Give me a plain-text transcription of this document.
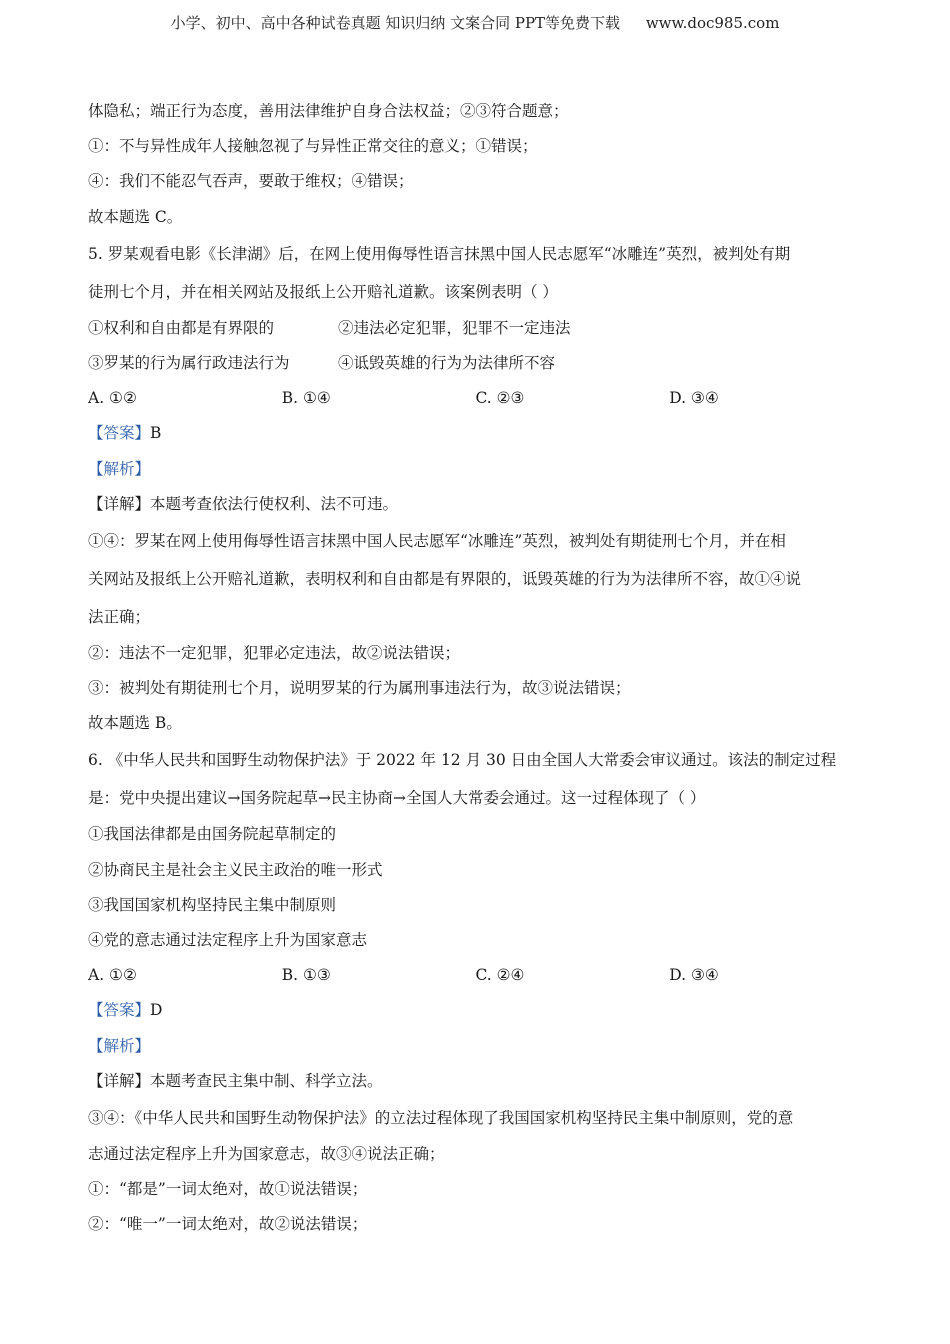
小学、初中、高中各种试卷真题 知识归纳 文案合同 PPT等免费下载 www.doc985.com
体隐私；端正行为态度，善用法律维护自身合法权益；②③符合题意；
①：不与异性成年人接触忽视了与异性正常交往的意义；①错误；
④：我们不能忍气吞声，要敢于维权；④错误；
故本题选 C。
5. 罗某观看电影《长津湖》后，在网上使用侮辱性语言抹黑中国人民志愿军“冰雕连”英烈，被判处有期
徒刑七个月，并在相关网站及报纸上公开赔礼道歉。该案例表明（ ）
①权利和自由都是有界限的	②违法必定犯罪，犯罪不一定违法
③罗某的行为属行政违法行为	④诋毁英雄的行为为法律所不容
A. ①②	B. ①④	C. ②③	D. ③④
【答案】B
【解析】
【详解】本题考查依法行使权利、法不可违。
①④：罗某在网上使用侮辱性语言抹黑中国人民志愿军“冰雕连”英烈，被判处有期徒刑七个月，并在相
关网站及报纸上公开赔礼道歉，表明权利和自由都是有界限的，诋毁英雄的行为为法律所不容，故①④说
法正确；
②：违法不一定犯罪，犯罪必定违法，故②说法错误；
③：被判处有期徒刑七个月，说明罗某的行为属刑事违法行为，故③说法错误；
故本题选 B。
6. 《中华人民共和国野生动物保护法》于 2022 年 12 月 30 日由全国人大常委会审议通过。该法的制定过程
是：党中央提出建议→国务院起草→民主协商→全国人大常委会通过。这一过程体现了（ ）
①我国法律都是由国务院起草制定的
②协商民主是社会主义民主政治的唯一形式
③我国国家机构坚持民主集中制原则
④党的意志通过法定程序上升为国家意志
A. ①②	B. ①③	C. ②④	D. ③④
【答案】D
【解析】
【详解】本题考查民主集中制、科学立法。
③④：《中华人民共和国野生动物保护法》的立法过程体现了我国国家机构坚持民主集中制原则，党的意
志通过法定程序上升为国家意志，故③④说法正确；
①：“都是”一词太绝对，故①说法错误；
②：“唯一”一词太绝对，故②说法错误；
